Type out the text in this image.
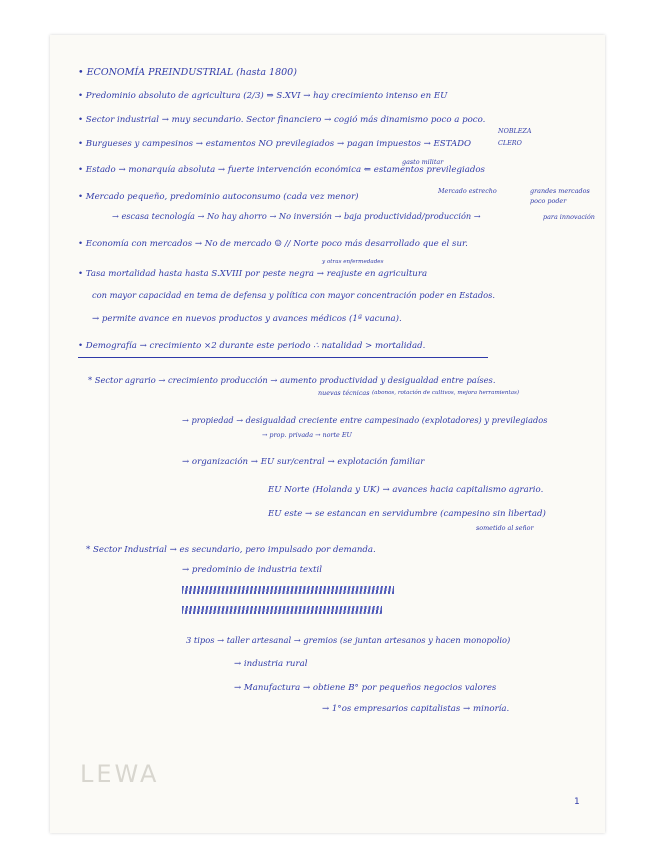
LEWA
• ECONOMÍA PREINDUSTRIAL (hasta 1800)
• Predominio absoluto de agricultura (2/3) ⇒ S.XVI → hay crecimiento intenso en EU
• Sector industrial → muy secundario. Sector financiero → cogió más dinamismo poco a poco.
• Burgueses y campesinos → estamentos NO previlegiados → pagan impuestos → ESTADO
NOBLEZA
CLERO
gasto militar
• Estado → monarquía absoluta → fuerte intervención económica ⇐ estamentos previlegiados
• Mercado pequeño, predominio autoconsumo (cada vez menor)
Mercado estrecho	grandes mercados
poco poder
→ escasa tecnología → No hay ahorro → No inversión → baja productividad/producción →	para innovación
• Economía con mercados → No de mercado ☺ // Norte poco más desarrollado que el sur.
y otras enfermedades
• Tasa mortalidad hasta hasta S.XVIII por peste negra → reajuste en agricultura
con mayor capacidad en tema de defensa y política con mayor concentración poder en Estados.
→ permite avance en nuevos productos y avances médicos (1ª vacuna).
• Demografía → crecimiento ×2 durante este periodo ∴ natalidad > mortalidad.
* Sector agrario → crecimiento producción → aumento productividad y desigualdad entre países.
nuevas técnicas (abonos, rotación de cultivos, mejora herramientas)
→ propiedad → desigualdad creciente entre campesinado (explotadores) y previlegiados
→ prop. privada → norte EU
→ organización → EU sur/central → explotación familiar
EU Norte (Holanda y UK) → avances hacia capitalismo agrario.
EU este → se estancan en servidumbre (campesino sin libertad)
sometido al señor
* Sector Industrial → es secundario, pero impulsado por demanda.
→ predominio de industria textil
3 tipos → taller artesanal → gremios (se juntan artesanos y hacen monopolio)
→ industria rural
→ Manufactura → obtiene B° por pequeños negocios valores
→ 1°os empresarios capitalistas → minoría.
1
